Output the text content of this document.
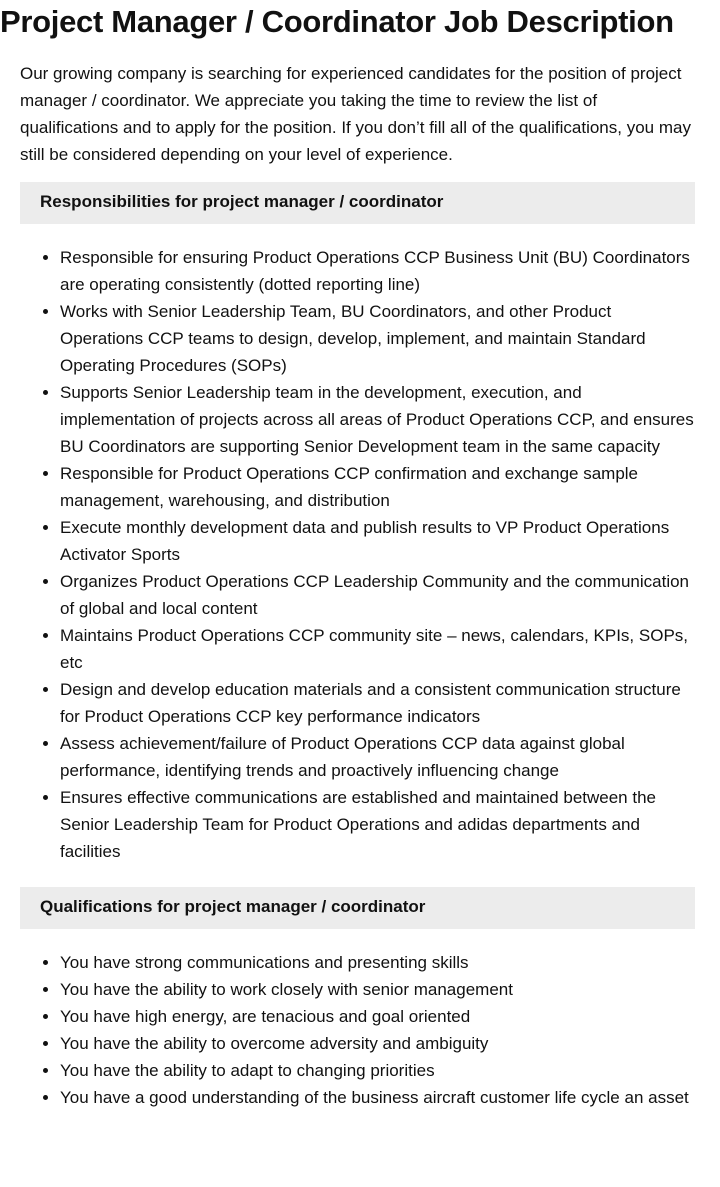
Project Manager / Coordinator Job Description

Our growing company is searching for experienced candidates for the position of project manager / coordinator. We appreciate you taking the time to review the list of qualifications and to apply for the position. If you don’t fill all of the qualifications, you may still be considered depending on your level of experience.

Responsibilities for project manager / coordinator
• Responsible for ensuring Product Operations CCP Business Unit (BU) Coordinators are operating consistently (dotted reporting line)
• Works with Senior Leadership Team, BU Coordinators, and other Product Operations CCP teams to design, develop, implement, and maintain Standard Operating Procedures (SOPs)
• Supports Senior Leadership team in the development, execution, and implementation of projects across all areas of Product Operations CCP, and ensures BU Coordinators are supporting Senior Development team in the same capacity
• Responsible for Product Operations CCP confirmation and exchange sample management, warehousing, and distribution
• Execute monthly development data and publish results to VP Product Operations Activator Sports
• Organizes Product Operations CCP Leadership Community and the communication of global and local content
• Maintains Product Operations CCP community site – news, calendars, KPIs, SOPs, etc
• Design and develop education materials and a consistent communication structure for Product Operations CCP key performance indicators
• Assess achievement/failure of Product Operations CCP data against global performance, identifying trends and proactively influencing change
• Ensures effective communications are established and maintained between the Senior Leadership Team for Product Operations and adidas departments and facilities
Qualifications for project manager / coordinator
• You have strong communications and presenting skills
• You have the ability to work closely with senior management
• You have high energy, are tenacious and goal oriented
• You have the ability to overcome adversity and ambiguity
• You have the ability to adapt to changing priorities
• You have a good understanding of the business aircraft customer life cycle an asset
